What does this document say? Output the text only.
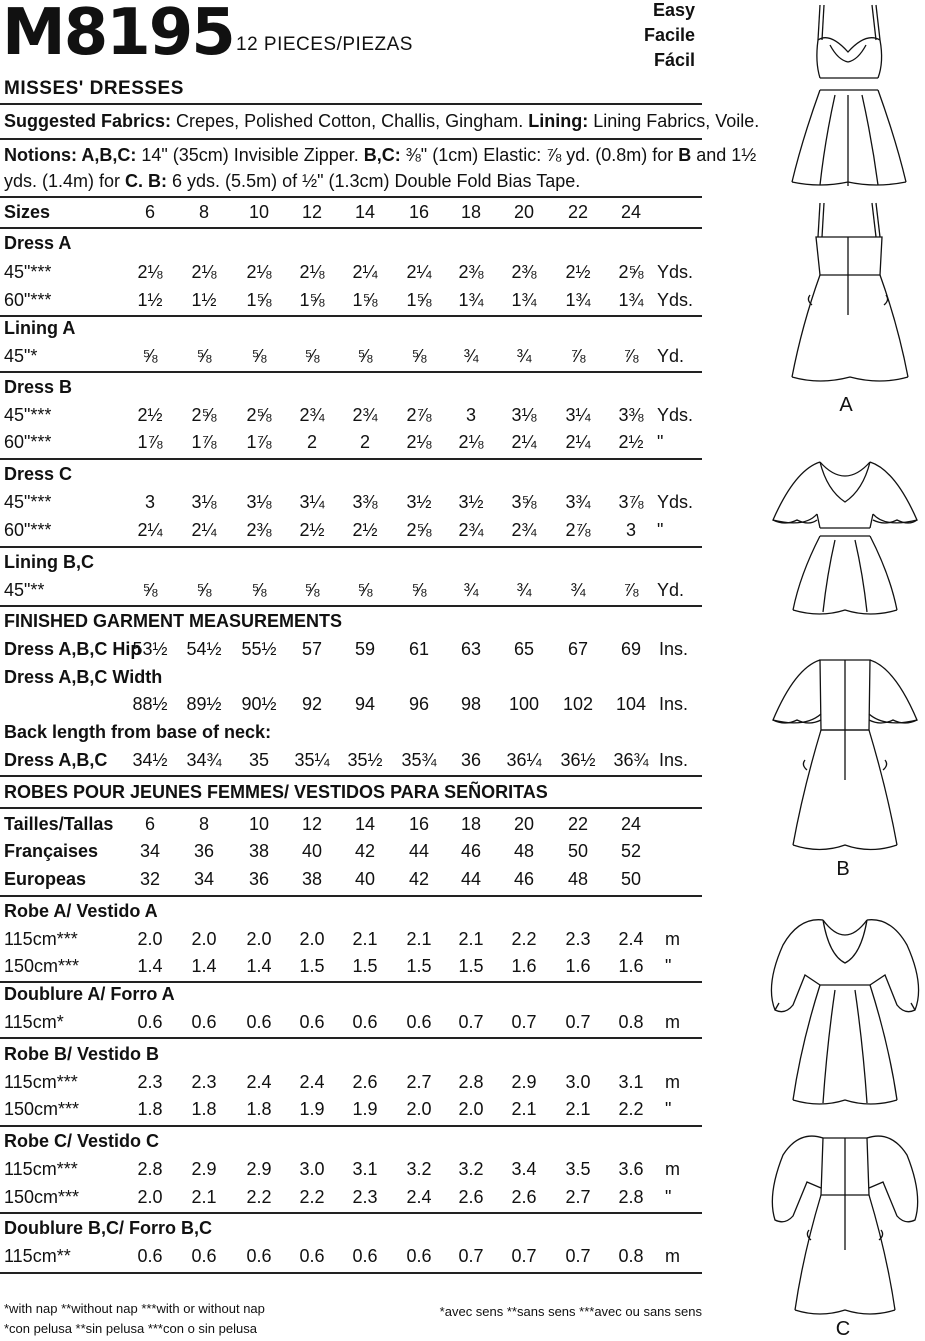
M8195 12 PIECES/PIEZAS
Easy
Facile
Fácil
MISSES' DRESSES
Suggested Fabrics: Crepes, Polished Cotton, Challis, Gingham. Lining: Lining Fabrics, Voile.
Notions: A,B,C: 14" (35cm) Invisible Zipper. B,C: ⅜" (1cm) Elastic: ⅞ yd. (0.8m) for B and 1½
yds. (1.4m) for C. B: 6 yds. (5.5m) of ½" (1.3cm) Double Fold Bias Tape.
Sizes	6 8 10 12 14 16 18 20 22 24
Dress A
45"***	2⅛ 2⅛ 2⅛ 2⅛ 2¼ 2¼ 2⅜ 2⅜ 2½ 2⅝ Yds.
60"***	1½ 1½ 1⅝ 1⅝ 1⅝ 1⅝ 1¾ 1¾ 1¾ 1¾ Yds.
Lining A
45"*	⅝ ⅝ ⅝ ⅝ ⅝ ⅝ ¾ ¾ ⅞ ⅞ Yd.
Dress B
45"***	2½ 2⅝ 2⅝ 2¾ 2¾ 2⅞ 3 3⅛ 3¼ 3⅜ Yds.
60"***	1⅞ 1⅞ 1⅞ 2 2 2⅛ 2⅛ 2¼ 2¼ 2½ "
Dress C
45"***	3 3⅛ 3⅛ 3¼ 3⅜ 3½ 3½ 3⅝ 3¾ 3⅞ Yds.
60"***	2¼ 2¼ 2⅜ 2½ 2½ 2⅝ 2¾ 2¾ 2⅞ 3 "
Lining B,C
45"**	⅝ ⅝ ⅝ ⅝ ⅝ ⅝ ¾ ¾ ¾ ⅞ Yd.
FINISHED GARMENT MEASUREMENTS
Dress A,B,C Hip
53½ 54½ 55½ 57 59 61 63 65 67 69 Ins.
Dress A,B,C Width
88½ 89½ 90½ 92 94 96 98 100 102 104 Ins.
Back length from base of neck:
Dress A,B,C 34½ 34¾ 35 35¼ 35½ 35¾ 36 36¼ 36½ 36¾ Ins.
ROBES POUR JEUNES FEMMES/ VESTIDOS PARA SEÑORITAS
Tailles/Tallas 6 8 10 12 14 16 18 20 22 24
Françaises 34 36 38 40 42 44 46 48 50 52
Europeas	32 34 36 38 40 42 44 46 48 50
Robe A/ Vestido A
115cm***	2.0 2.0 2.0 2.0 2.1 2.1 2.1 2.2 2.3 2.4 m
150cm***	1.4 1.4 1.4 1.5 1.5 1.5 1.5 1.6 1.6 1.6 "
Doublure A/ Forro A
115cm*	0.6 0.6 0.6 0.6 0.6 0.6 0.7 0.7 0.7 0.8 m
Robe B/ Vestido B
115cm***	2.3 2.3 2.4 2.4 2.6 2.7 2.8 2.9 3.0 3.1 m
150cm***	1.8 1.8 1.8 1.9 1.9 2.0 2.0 2.1 2.1 2.2 "
Robe C/ Vestido C
115cm***	2.8 2.9 2.9 3.0 3.1 3.2 3.2 3.4 3.5 3.6 m
150cm***	2.0 2.1 2.2 2.2 2.3 2.4 2.6 2.6 2.7 2.8 "
Doublure B,C/ Forro B,C
115cm**	0.6 0.6 0.6 0.6 0.6 0.6 0.7 0.7 0.7 0.8 m
*with nap **without nap ***with or without nap
*con pelusa **sin pelusa ***con o sin pelusa
*avec sens **sans sens ***avec ou sans sens
A
B
C
